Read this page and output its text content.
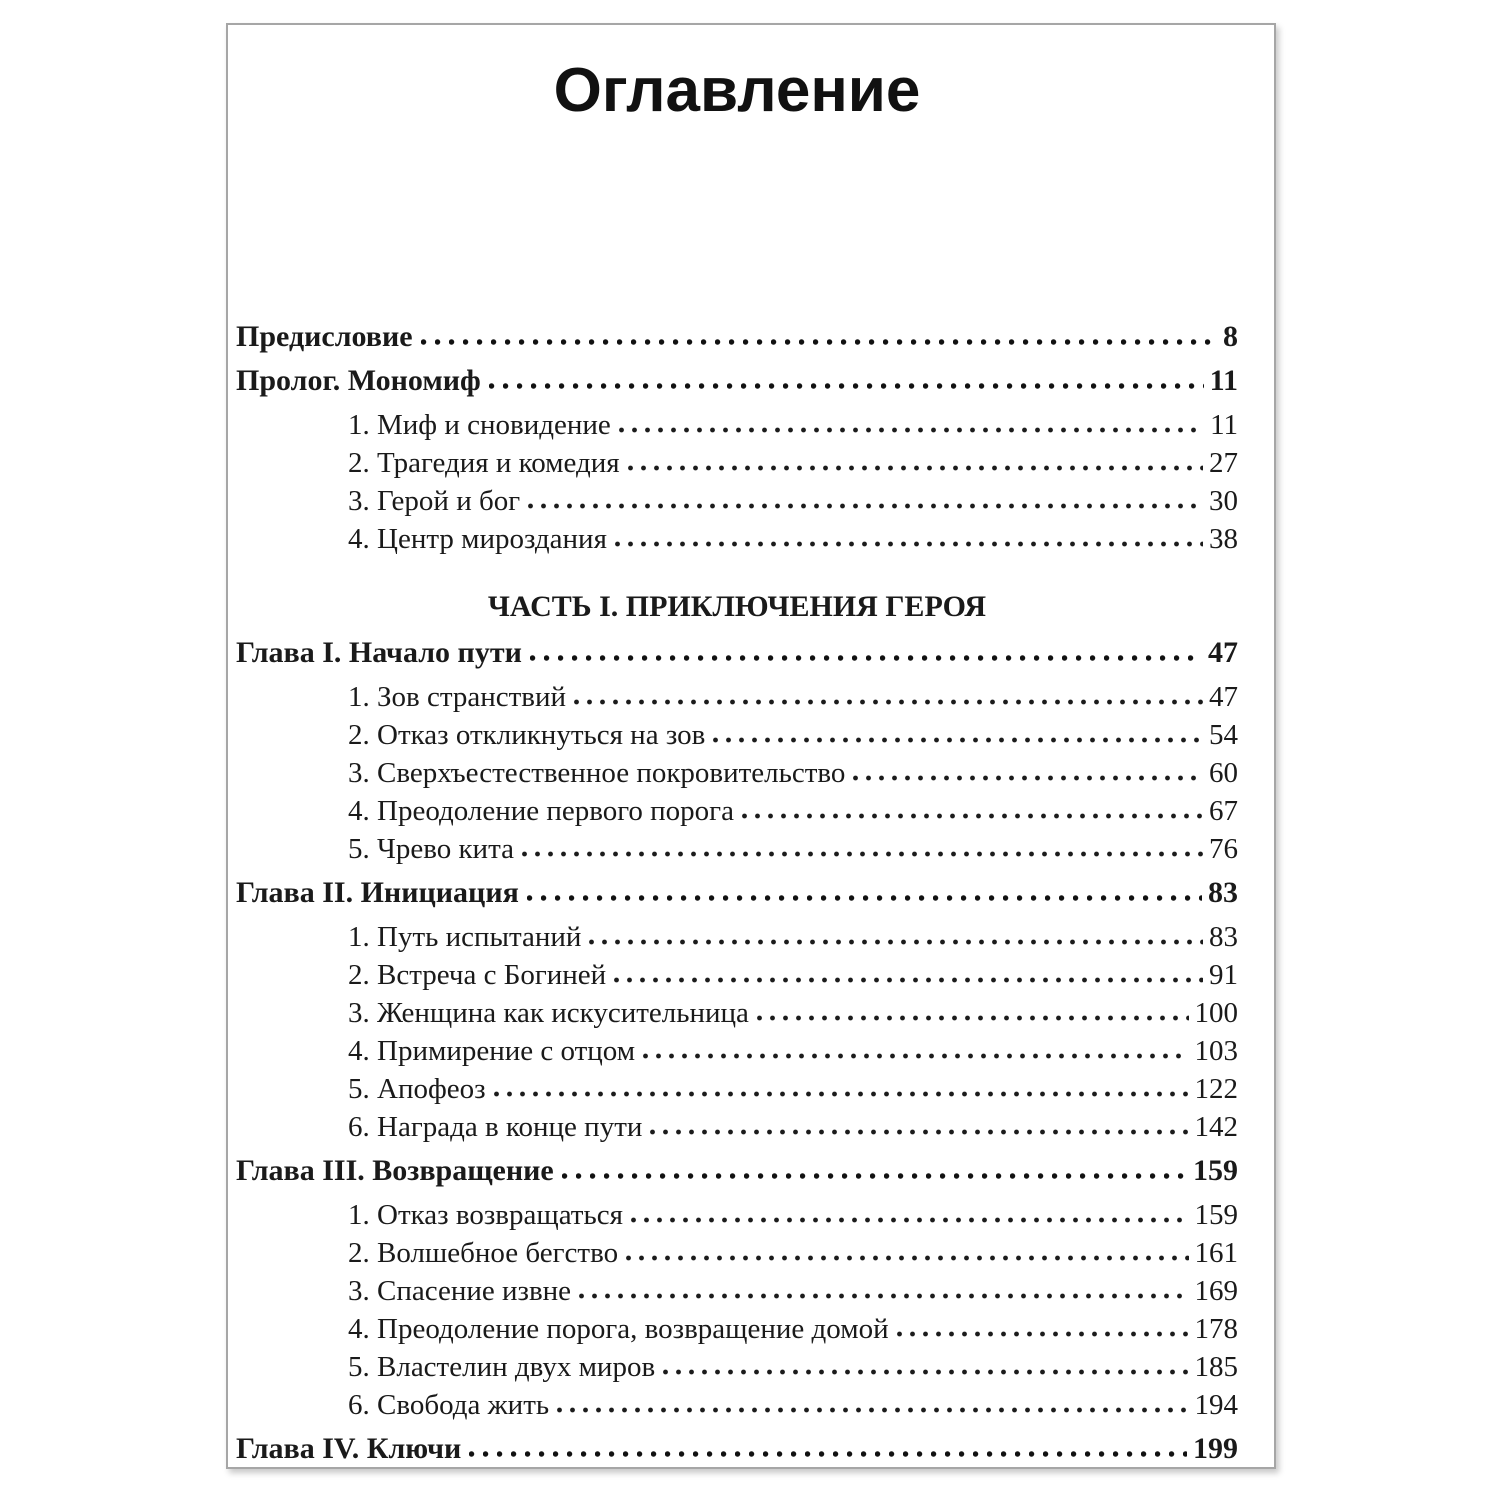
Оглавление
Предисловие	8
Пролог. Мономиф	11
1. Миф и сновидение	11
2. Трагедия и комедия	27
3. Герой и бог	30
4. Центр мироздания	38
ЧАСТЬ I. ПРИКЛЮЧЕНИЯ ГЕРОЯ
Глава I. Начало пути	47
1. Зов странствий	47
2. Отказ откликнуться на зов	54
3. Сверхъестественное покровительство	60
4. Преодоление первого порога	67
5. Чрево кита	76
Глава II. Инициация	83
1. Путь испытаний	83
2. Встреча с Богиней	91
3. Женщина как искусительница	100
4. Примирение с отцом	103
5. Апофеоз	122
6. Награда в конце пути	142
Глава III. Возвращение	159
1. Отказ возвращаться	159
2. Волшебное бегство	161
3. Спасение извне	169
4. Преодоление порога, возвращение домой	178
5. Властелин двух миров	185
6. Свобода жить	194
Глава IV. Ключи	199
